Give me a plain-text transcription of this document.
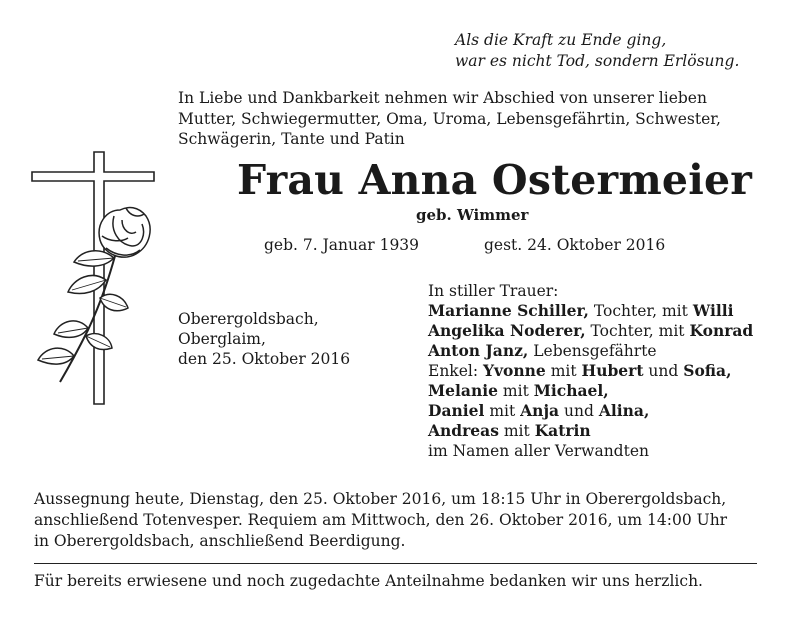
Als die Kraft zu Ende ging,
war es nicht Tod, sondern Erlösung.
In Liebe und Dankbarkeit nehmen wir Abschied von unserer lieben
Mutter, Schwiegermutter, Oma, Uroma, Lebensgefährtin, Schwester,
Schwägerin, Tante und Patin
Frau Anna Ostermeier
geb. Wimmer
geb. 7. Januar 1939	gest. 24. Oktober 2016
Oberergoldsbach,
Oberglaim,
den 25. Oktober 2016
In stiller Trauer:
Marianne Schiller, Tochter, mit Willi
Angelika Noderer, Tochter, mit Konrad
Anton Janz, Lebensgefährte
Enkel: Yvonne mit Hubert und Sofia,
Melanie mit Michael,
Daniel mit Anja und Alina,
Andreas mit Katrin
im Namen aller Verwandten
Aussegnung heute, Dienstag, den 25. Oktober 2016, um 18:15 Uhr in Oberergoldsbach,
anschließend Totenvesper. Requiem am Mittwoch, den 26. Oktober 2016, um 14:00 Uhr
in Oberergoldsbach, anschließend Beerdigung.
Für bereits erwiesene und noch zugedachte Anteilnahme bedanken wir uns herzlich.
